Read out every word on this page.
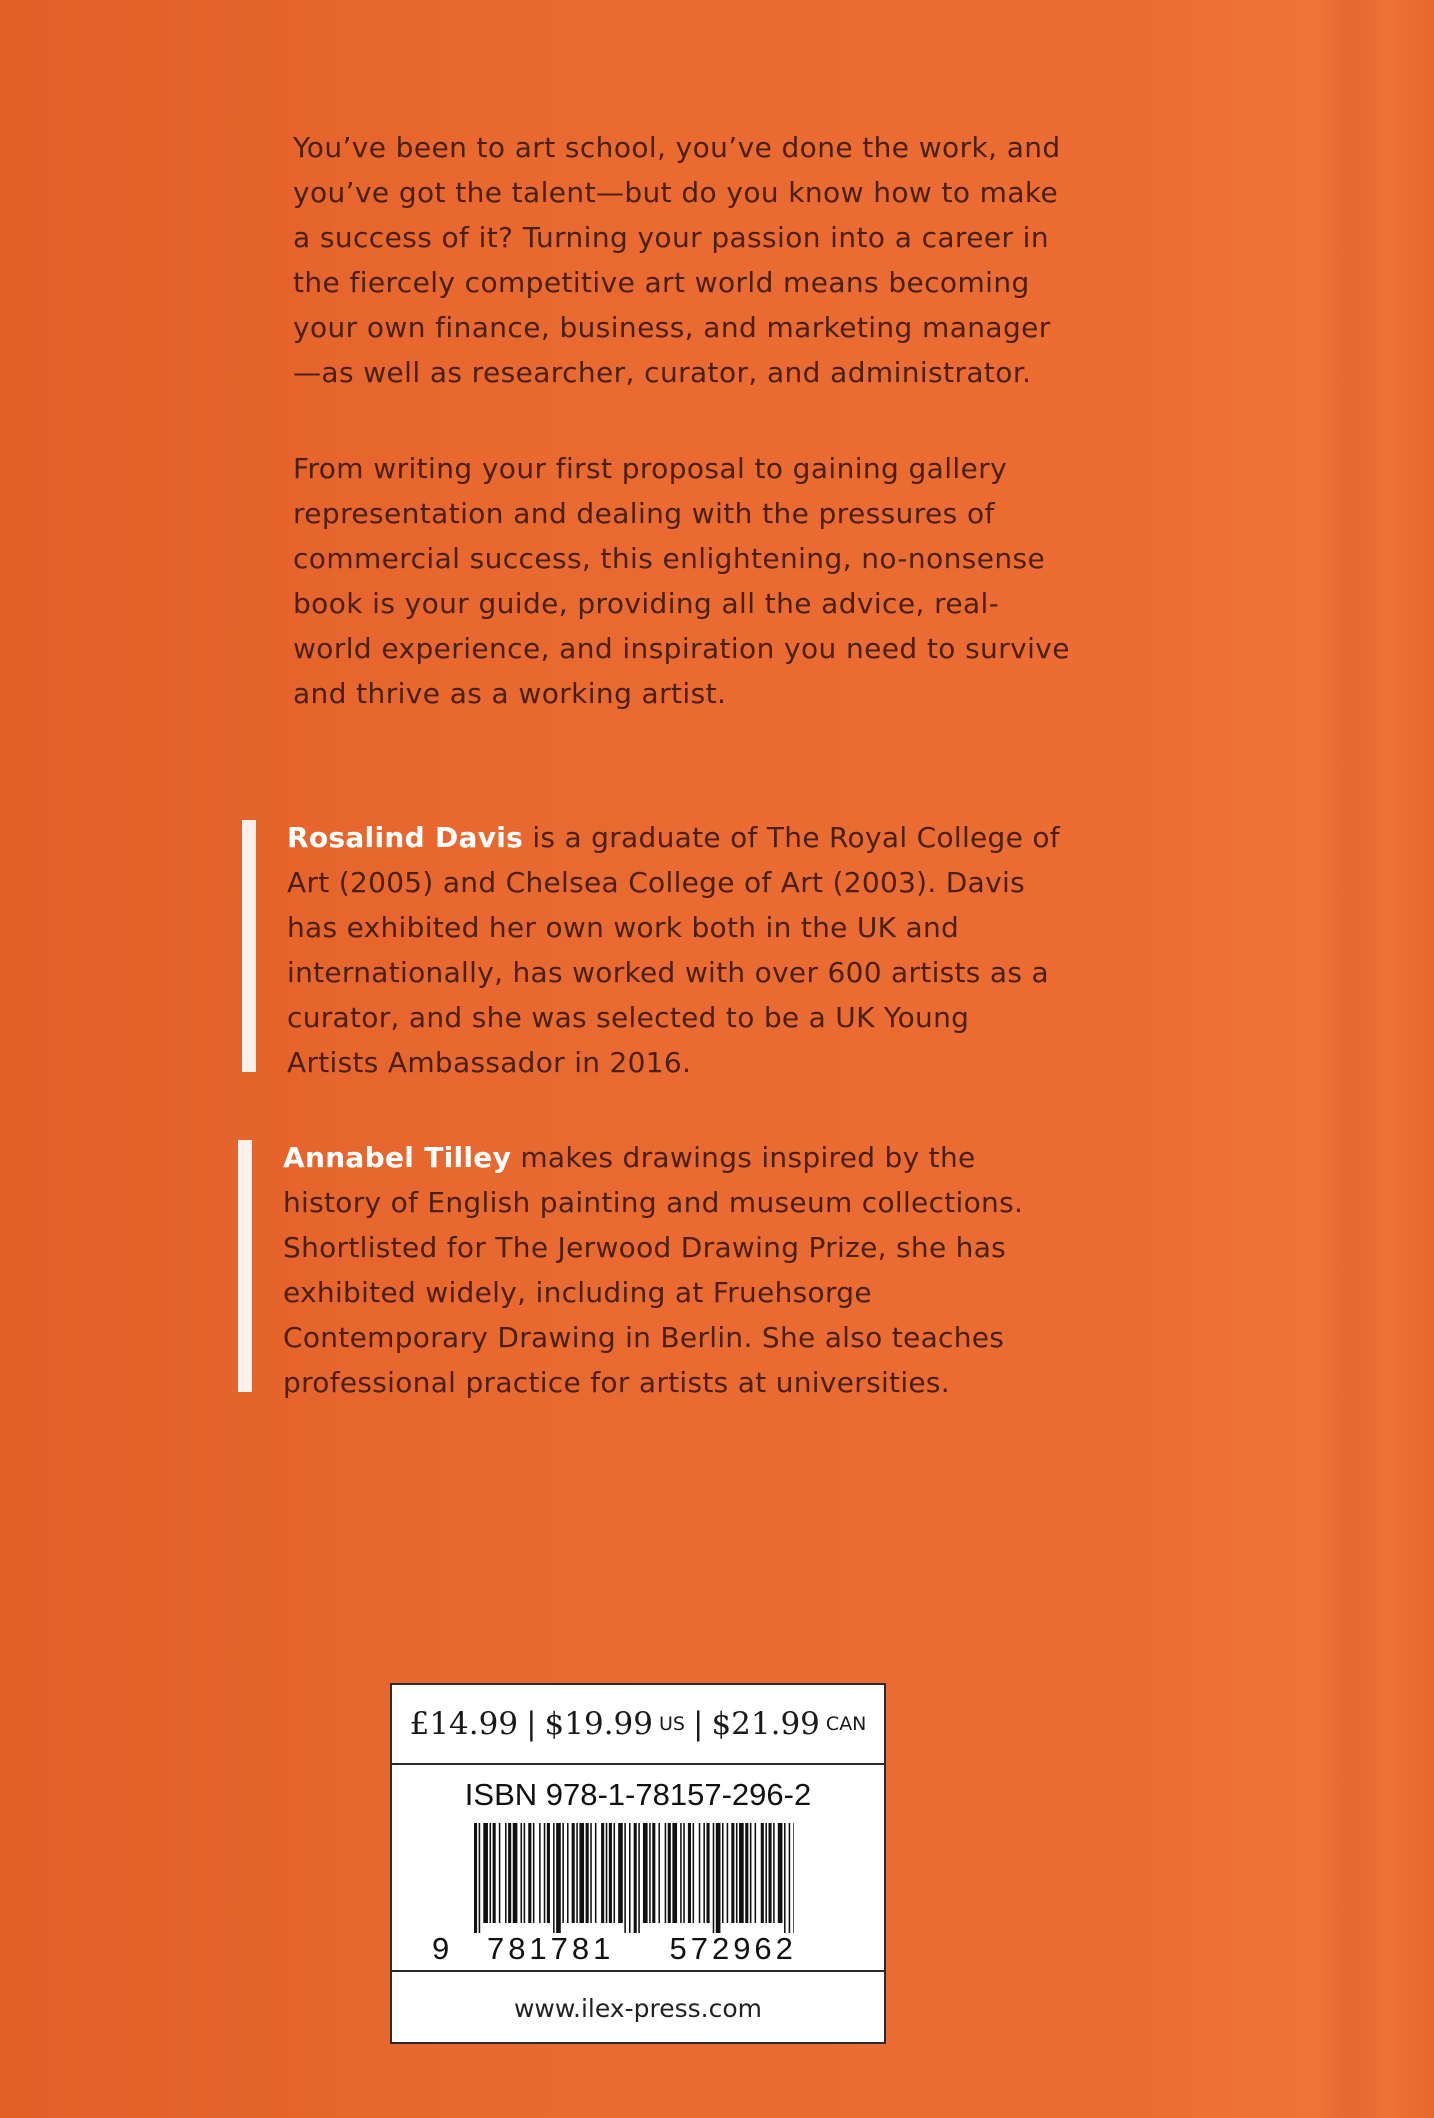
You’ve been to art school, you’ve done the work, and you’ve got the talent—but do you know how to make a success of it? Turning your passion into a career in the fiercely competitive art world means becoming your own finance, business, and marketing manager—as well as researcher, curator, and administrator.

From writing your first proposal to gaining gallery representation and dealing with the pressures of commercial success, this enlightening, no-nonsense book is your guide, providing all the advice, real-world experience, and inspiration you need to survive and thrive as a working artist.

Rosalind Davis is a graduate of The Royal College of Art (2005) and Chelsea College of Art (2003). Davis has exhibited her own work both in the UK and internationally, has worked with over 600 artists as a curator, and she was selected to be a UK Young Artists Ambassador in 2016.

Annabel Tilley makes drawings inspired by the history of English painting and museum collections. Shortlisted for The Jerwood Drawing Prize, she has exhibited widely, including at Fruehsorge Contemporary Drawing in Berlin. She also teaches professional practice for artists at universities.

£14.99 | $19.99 US | $21.99 CAN
ISBN 978-1-78157-296-2
9	781781	572962
www.ilex-press.com
